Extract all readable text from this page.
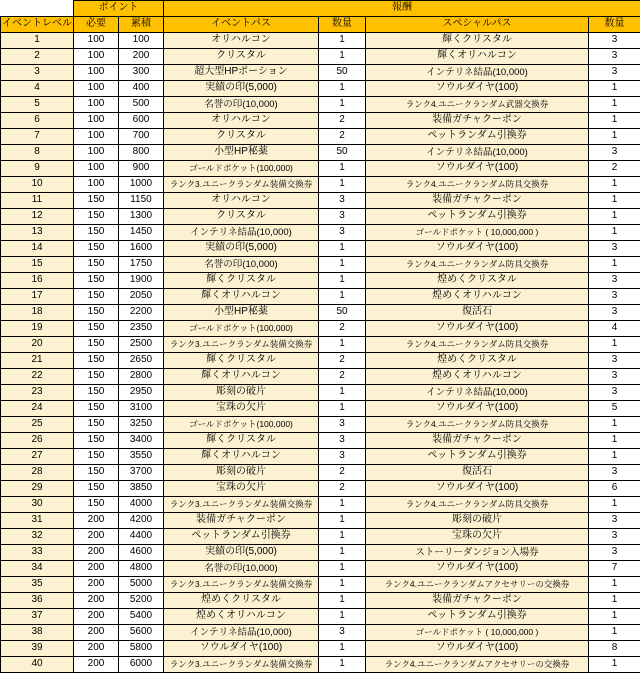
	ポイント		報酬			
イベントレベル	必要	累積	イベントパス	数量	スペシャルパス	数量
1	100	100	オリハルコン	1	輝くクリスタル	3
2	100	200	クリスタル	1	輝くオリハルコン	3
3	100	300	超大型HPポーション	50	インテリネ結晶(10,000)	3
4	100	400	実績の印(5,000)	1	ソウルダイヤ(100)	1
5	100	500	名誉の印(10,000)	1	ランク4.ユニークランダム武器交換券	1
6	100	600	オリハルコン	2	装備ガチャクーポン	1
7	100	700	クリスタル	2	ペットランダム引換券	1
8	100	800	小型HP秘薬	50	インテリネ結晶(10,000)	3
9	100	900	ゴールドポケット(100,000)	1	ソウルダイヤ(100)	2
10	100	1000	ランク3.ユニークランダム装備交換券	1	ランク4.ユニークランダム防具交換券	1
11	150	1150	オリハルコン	3	装備ガチャクーポン	1
12	150	1300	クリスタル	3	ペットランダム引換券	1
13	150	1450	インテリネ結晶(10,000)	3	ゴールドポケット ( 10,000,000 )	1
14	150	1600	実績の印(5,000)	1	ソウルダイヤ(100)	3
15	150	1750	名誉の印(10,000)	1	ランク4.ユニークランダム防具交換券	1
16	150	1900	輝くクリスタル	1	煌めくクリスタル	3
17	150	2050	輝くオリハルコン	1	煌めくオリハルコン	3
18	150	2200	小型HP秘薬	50	復活石	3
19	150	2350	ゴールドポケット(100,000)	2	ソウルダイヤ(100)	4
20	150	2500	ランク3.ユニークランダム装備交換券	1	ランク4.ユニークランダム防具交換券	1
21	150	2650	輝くクリスタル	2	煌めくクリスタル	3
22	150	2800	輝くオリハルコン	2	煌めくオリハルコン	3
23	150	2950	彫刻の破片	1	インテリネ結晶(10,000)	3
24	150	3100	宝珠の欠片	1	ソウルダイヤ(100)	5
25	150	3250	ゴールドポケット(100,000)	3	ランク4.ユニークランダム防具交換券	1
26	150	3400	輝くクリスタル	3	装備ガチャクーポン	1
27	150	3550	輝くオリハルコン	3	ペットランダム引換券	1
28	150	3700	彫刻の破片	2	復活石	3
29	150	3850	宝珠の欠片	2	ソウルダイヤ(100)	6
30	150	4000	ランク3.ユニークランダム装備交換券	1	ランク4.ユニークランダム防具交換券	1
31	200	4200	装備ガチャクーポン	1	彫刻の破片	3
32	200	4400	ペットランダム引換券	1	宝珠の欠片	3
33	200	4600	実績の印(5,000)	1	ストーリーダンジョン入場券	3
34	200	4800	名誉の印(10,000)	1	ソウルダイヤ(100)	7
35	200	5000	ランク3.ユニークランダム装備交換券	1	ランク4.ユニークランダムアクセサリーの交換券	1
36	200	5200	煌めくクリスタル	1	装備ガチャクーポン	1
37	200	5400	煌めくオリハルコン	1	ペットランダム引換券	1
38	200	5600	インテリネ結晶(10,000)	3	ゴールドポケット ( 10,000,000 )	1
39	200	5800	ソウルダイヤ(100)	1	ソウルダイヤ(100)	8
40	200	6000	ランク3.ユニークランダム装備交換券	1	ランク4.ユニークランダムアクセサリーの交換券	1
